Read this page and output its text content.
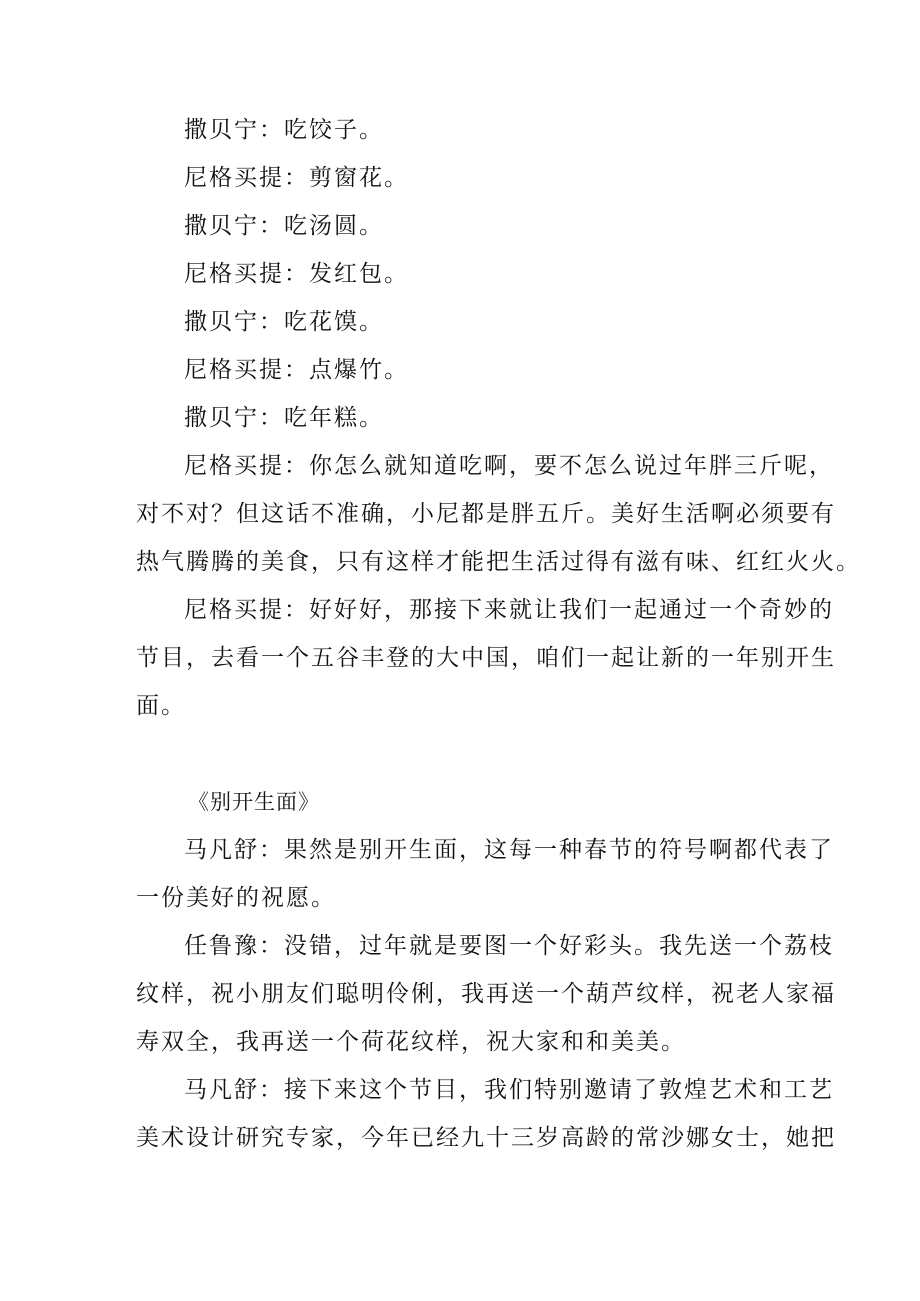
撒贝宁：吃饺子。
尼格买提：剪窗花。
撒贝宁：吃汤圆。
尼格买提：发红包。
撒贝宁：吃花馍。
尼格买提：点爆竹。
撒贝宁：吃年糕。
尼格买提：你怎么就知道吃啊，要不怎么说过年胖三斤呢，
对不对？但这话不准确，小尼都是胖五斤。美好生活啊必须要有
热气腾腾的美食，只有这样才能把生活过得有滋有味、红红火火。
尼格买提：好好好，那接下来就让我们一起通过一个奇妙的
节目，去看一个五谷丰登的大中国，咱们一起让新的一年别开生
面。
《别开生面》
马凡舒：果然是别开生面，这每一种春节的符号啊都代表了
一份美好的祝愿。
任鲁豫：没错，过年就是要图一个好彩头。我先送一个荔枝
纹样，祝小朋友们聪明伶俐，我再送一个葫芦纹样，祝老人家福
寿双全，我再送一个荷花纹样，祝大家和和美美。
马凡舒：接下来这个节目，我们特别邀请了敦煌艺术和工艺
美术设计研究专家，今年已经九十三岁高龄的常沙娜女士，她把
